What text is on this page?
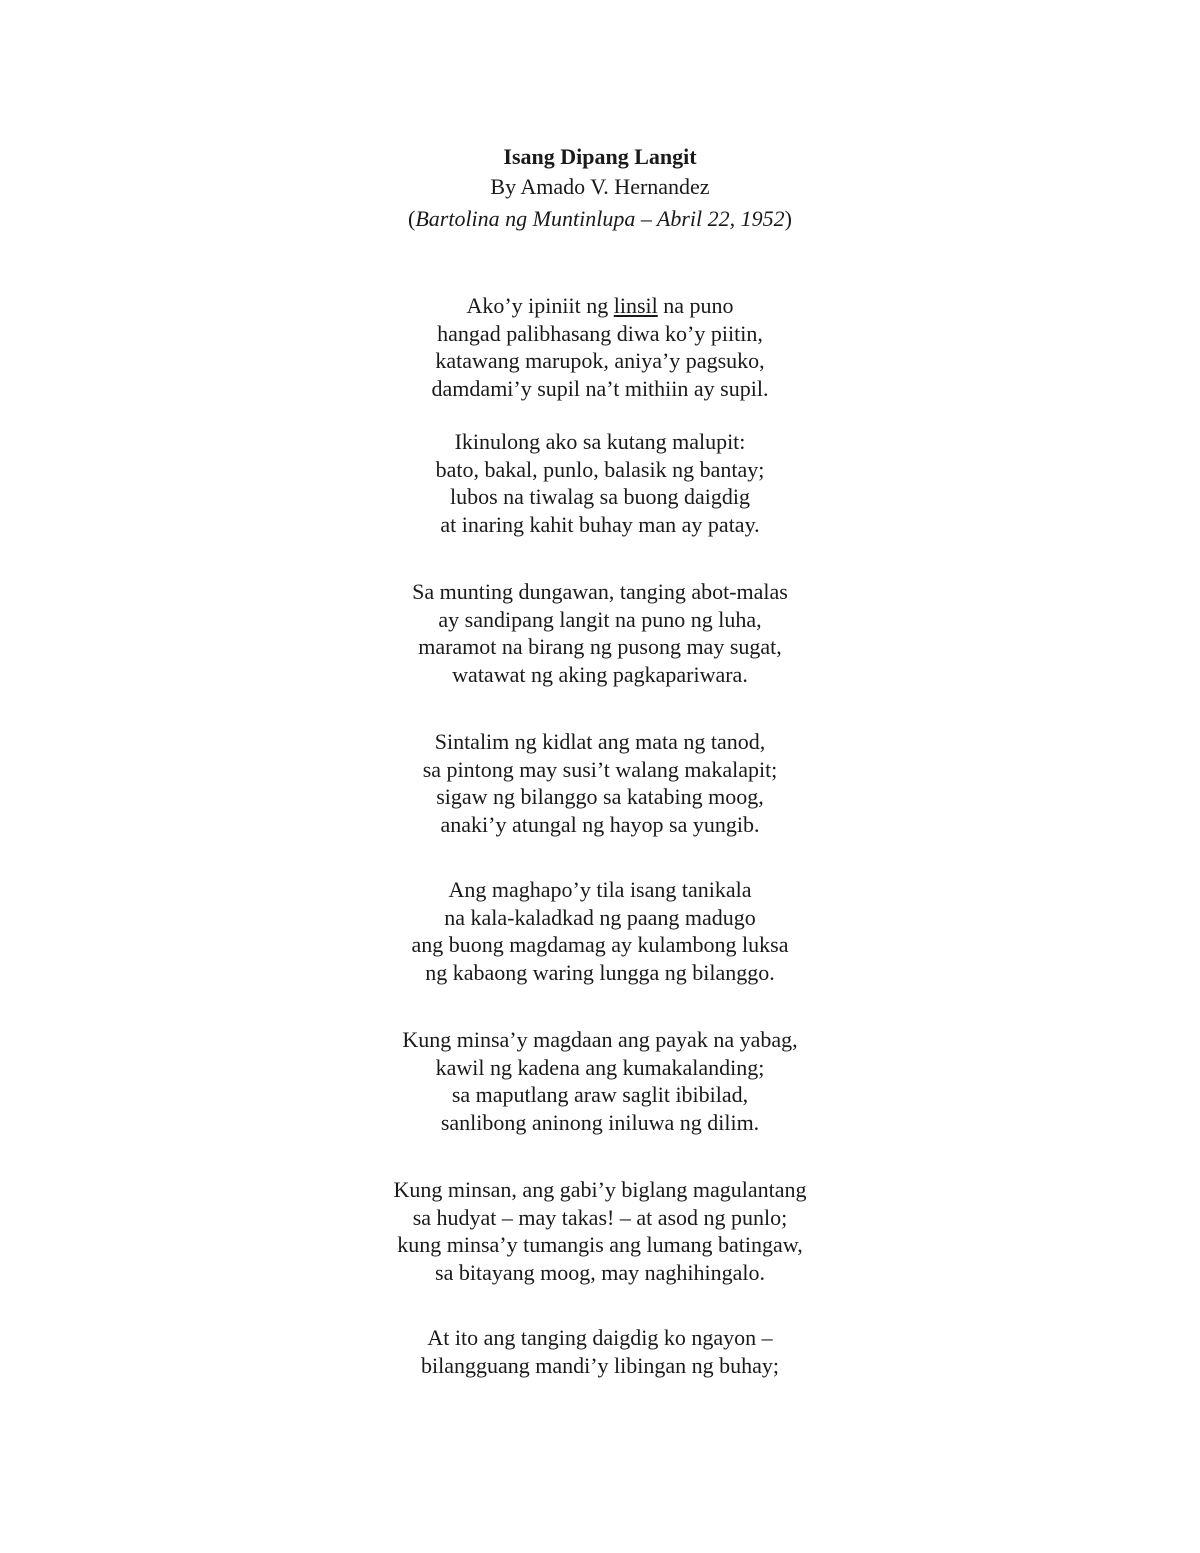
Isang Dipang Langit
By Amado V. Hernandez
(Bartolina ng Muntinlupa – Abril 22, 1952)
Ako’y ipiniit ng linsil na puno
hangad palibhasang diwa ko’y piitin,
katawang marupok, aniya’y pagsuko,
damdami’y supil na’t mithiin ay supil.
Ikinulong ako sa kutang malupit:
bato, bakal, punlo, balasik ng bantay;
lubos na tiwalag sa buong daigdig
at inaring kahit buhay man ay patay.
Sa munting dungawan, tanging abot-malas
ay sandipang langit na puno ng luha,
maramot na birang ng pusong may sugat,
watawat ng aking pagkapariwara.
Sintalim ng kidlat ang mata ng tanod,
sa pintong may susi’t walang makalapit;
sigaw ng bilanggo sa katabing moog,
anaki’y atungal ng hayop sa yungib.
Ang maghapo’y tila isang tanikala
na kala-kaladkad ng paang madugo
ang buong magdamag ay kulambong luksa
ng kabaong waring lungga ng bilanggo.
Kung minsa’y magdaan ang payak na yabag,
kawil ng kadena ang kumakalanding;
sa maputlang araw saglit ibibilad,
sanlibong aninong iniluwa ng dilim.
Kung minsan, ang gabi’y biglang magulantang
sa hudyat – may takas! – at asod ng punlo;
kung minsa’y tumangis ang lumang batingaw,
sa bitayang moog, may naghihingalo.
At ito ang tanging daigdig ko ngayon –
bilangguang mandi’y libingan ng buhay;
